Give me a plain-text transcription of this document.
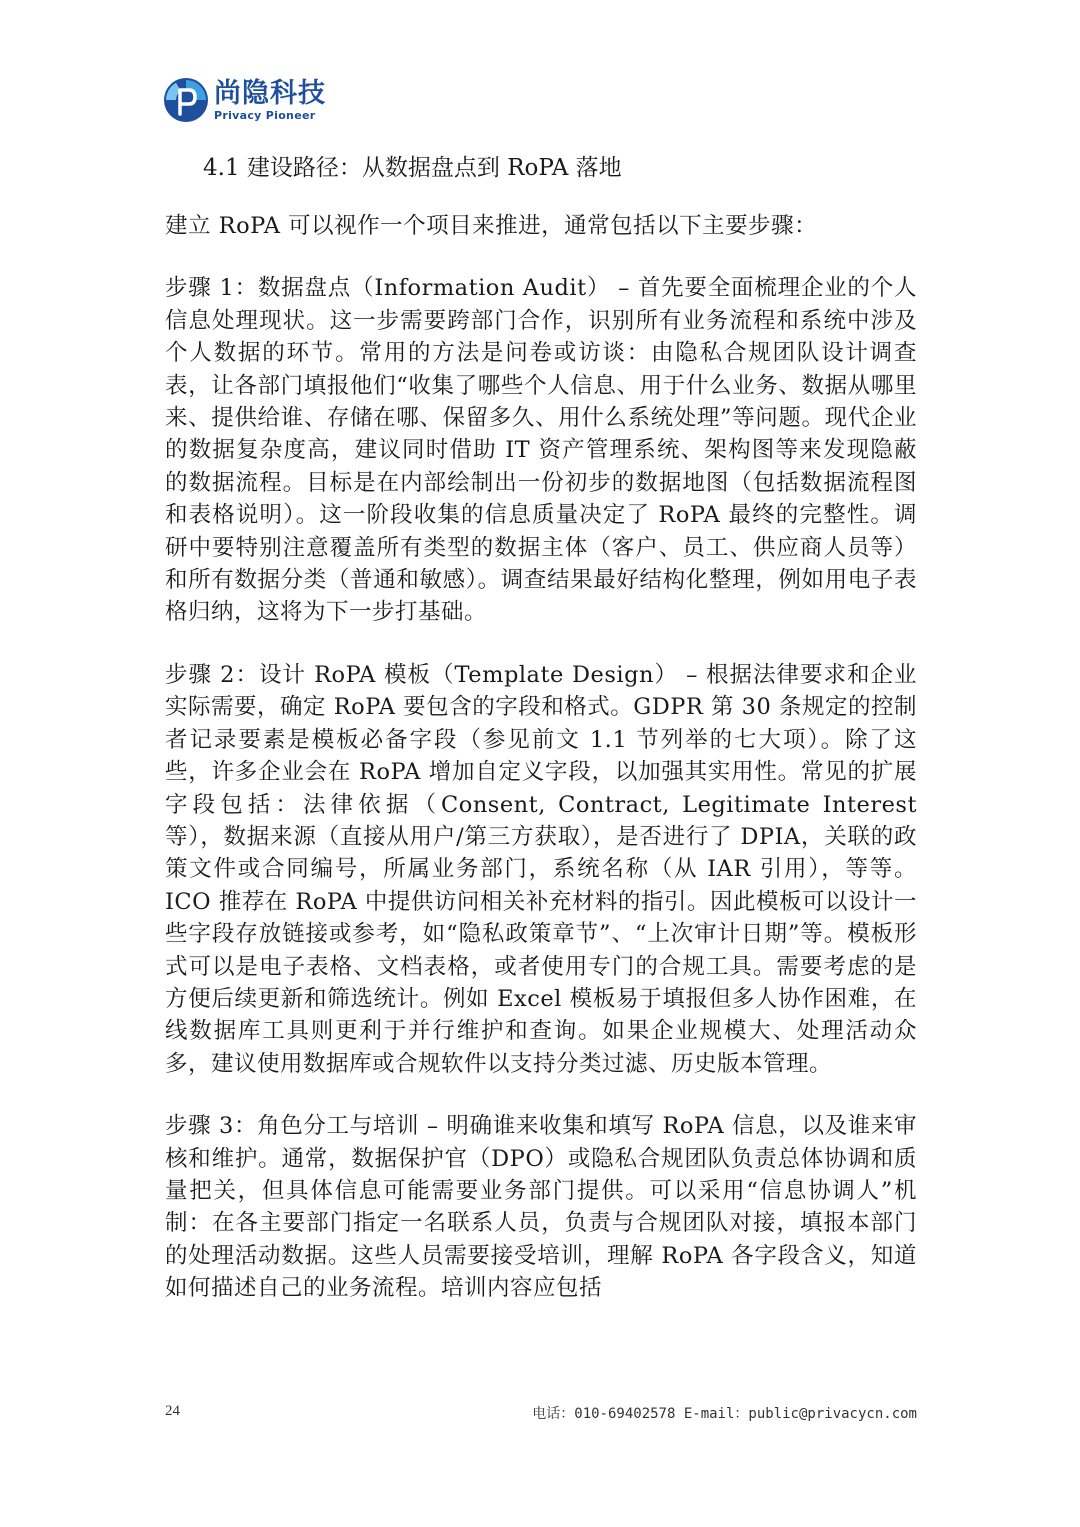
尚隐科技
Privacy Pioneer
4.1 建设路径：从数据盘点到 RoPA 落地

建立 RoPA 可以视作一个项目来推进，通常包括以下主要步骤：

步骤 1：数据盘点（Information Audit） – 首先要全面梳理企业的个人信息处理现状。这一步需要跨部门合作，识别所有业务流程和系统中涉及个人数据的环节。常用的方法是问卷或访谈：由隐私合规团队设计调查表，让各部门填报他们“收集了哪些个人信息、用于什么业务、数据从哪里来、提供给谁、存储在哪、保留多久、用什么系统处理”等问题。现代企业的数据复杂度高，建议同时借助 IT 资产管理系统、架构图等来发现隐蔽的数据流程。目标是在内部绘制出一份初步的数据地图（包括数据流程图和表格说明）。这一阶段收集的信息质量决定了 RoPA 最终的完整性。调研中要特别注意覆盖所有类型的数据主体（客户、员工、供应商人员等）和所有数据分类（普通和敏感）。调查结果最好结构化整理，例如用电子表格归纳，这将为下一步打基础。

步骤 2：设计 RoPA 模板（Template Design） – 根据法律要求和企业实际需要，确定 RoPA 要包含的字段和格式。GDPR 第 30 条规定的控制者记录要素是模板必备字段（参见前文 1.1 节列举的七大项）。除了这些，许多企业会在 RoPA 增加自定义字段，以加强其实用性。常见的扩展字段包括：法律依据（Consent, Contract, Legitimate Interest 等），数据来源（直接从用户/第三方获取），是否进行了 DPIA，关联的政策文件或合同编号，所属业务部门，系统名称（从 IAR 引用），等等。ICO 推荐在 RoPA 中提供访问相关补充材料的指引。因此模板可以设计一些字段存放链接或参考，如“隐私政策章节”、“上次审计日期”等。模板形式可以是电子表格、文档表格，或者使用专门的合规工具。需要考虑的是方便后续更新和筛选统计。例如 Excel 模板易于填报但多人协作困难，在线数据库工具则更利于并行维护和查询。如果企业规模大、处理活动众多，建议使用数据库或合规软件以支持分类过滤、历史版本管理。

步骤 3：角色分工与培训 – 明确谁来收集和填写 RoPA 信息，以及谁来审核和维护。通常，数据保护官（DPO）或隐私合规团队负责总体协调和质量把关，但具体信息可能需要业务部门提供。可以采用“信息协调人”机制：在各主要部门指定一名联系人员，负责与合规团队对接，填报本部门的处理活动数据。这些人员需要接受培训，理解 RoPA 各字段含义，知道如何描述自己的业务流程。培训内容应包括

24	电话：010-69402578 E-mail：public@privacycn.com
